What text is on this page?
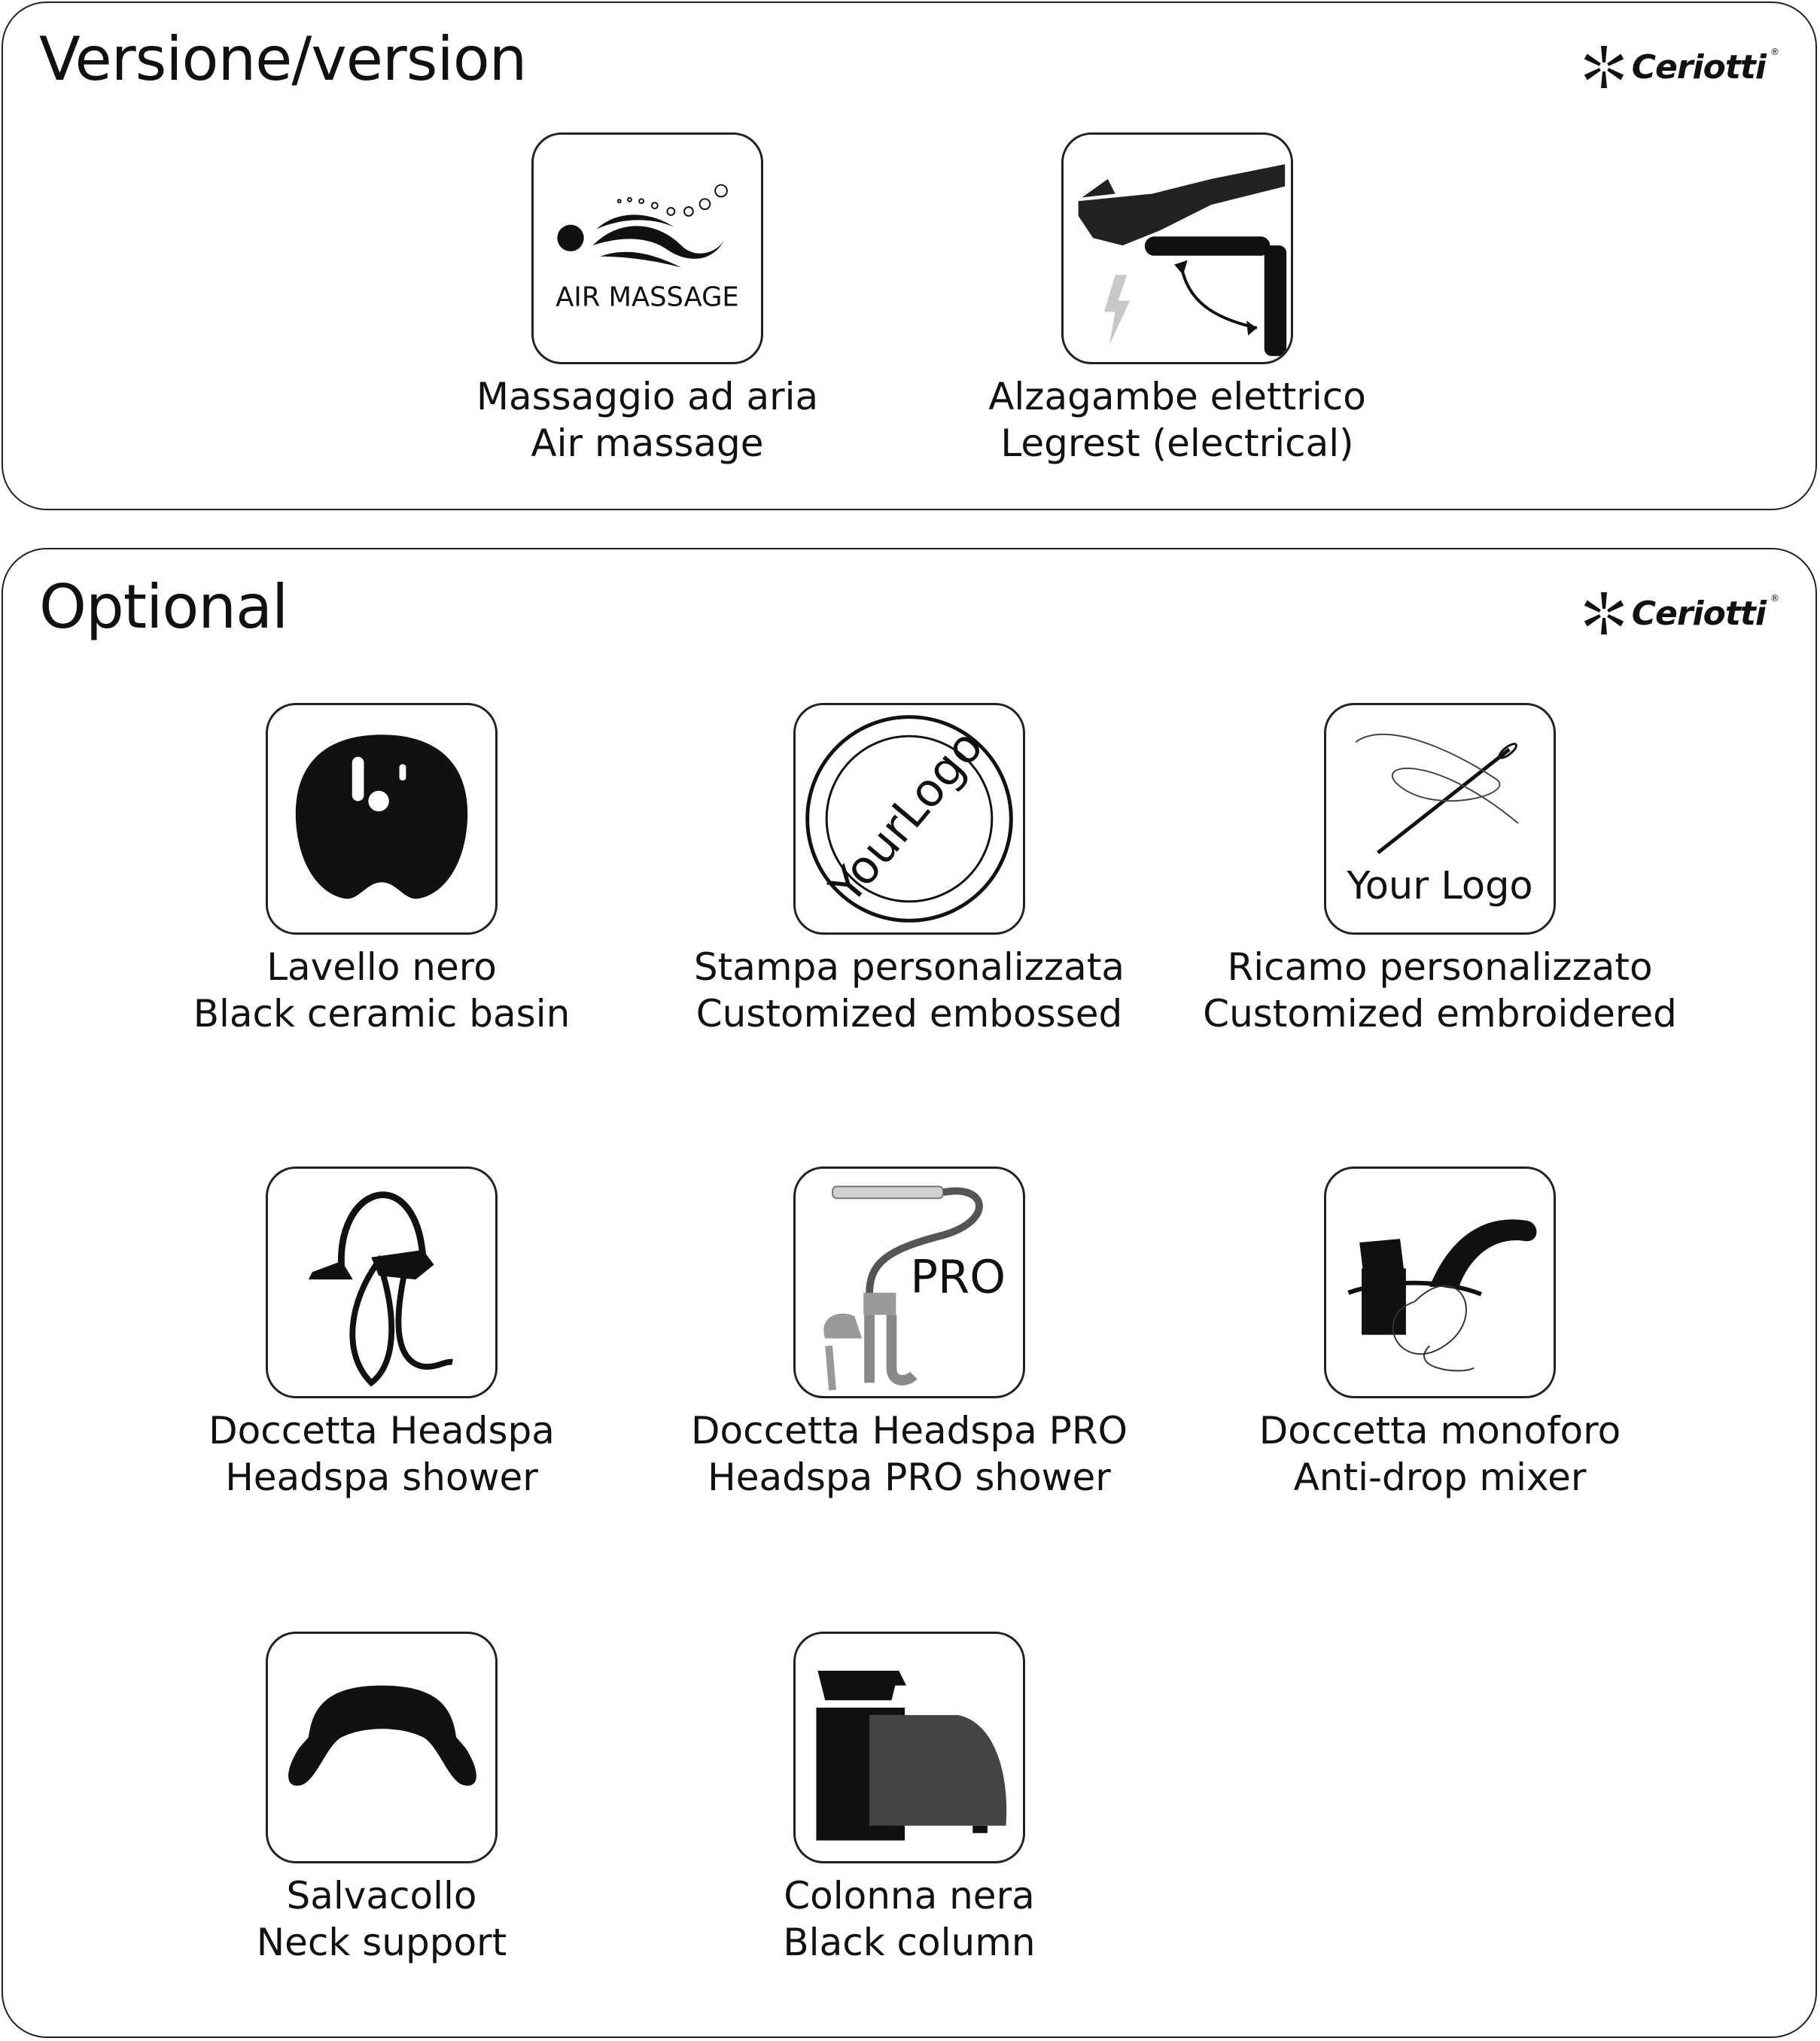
Versione/version	Ceriotti ®
AIR MASSAGE
Massaggio ad aria
Air massage
Alzagambe elettrico
Legrest (electrical)
Optional	Ceriotti ®
Lavello nero
Black ceramic basin
YourLogo
Stampa personalizzata
Customized embossed
Your Logo
Ricamo personalizzato
Customized embroidered
Doccetta Headspa
Headspa shower
PRO
Doccetta Headspa PRO
Headspa PRO shower
Doccetta monoforo
Anti-drop mixer
Salvacollo
Neck support
Colonna nera
Black column
